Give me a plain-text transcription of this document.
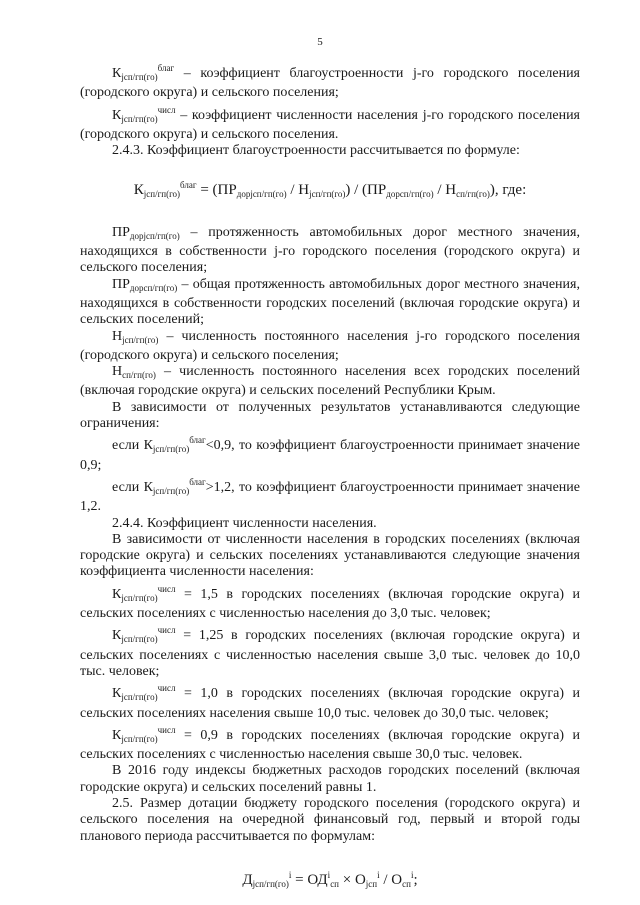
5

$К_{jсп/гп(го)}^{благ}$ – коэффициент благоустроенности j-го городского поселения (городского округа) и сельского поселения;

$К_{jсп/гп(го)}^{числ}$ – коэффициент численности населения j-го городского поселения (городского округа) и сельского поселения.

2.4.3. Коэффициент благоустроенности рассчитывается по формуле:

$К_{jсп/гп(го)}^{благ} = (ПР_{дорjсп/гп(го)} / Н_{jсп/гп(го)}) / (ПР_{дорсп/гп(го)} / Н_{сп/гп(го)})$, где:

$ПР_{дорjсп/гп(го)}$ – протяженность автомобильных дорог местного значения, находящихся в собственности j-го городского поселения (городского округа) и сельского поселения;

$ПР_{дорсп/гп(го)}$ – общая протяженность автомобильных дорог местного значения, находящихся в собственности городских поселений (включая городские округа) и сельских поселений;

$Н_{jсп/гп(го)}$ – численность постоянного населения j-го городского поселения (городского округа) и сельского поселения;

$Н_{сп/гп(го)}$ – численность постоянного населения всех городских поселений (включая городские округа) и сельских поселений Республики Крым.

В зависимости от полученных результатов устанавливаются следующие ограничения:

если $К_{jсп/гп(го)}^{благ}<0,9$, то коэффициент благоустроенности принимает значение 0,9;

если $К_{jсп/гп(го)}^{благ}>1,2$, то коэффициент благоустроенности принимает значение 1,2.

2.4.4. Коэффициент численности населения.

В зависимости от численности населения в городских поселениях (включая городские округа) и сельских поселениях устанавливаются следующие значения коэффициента численности населения:

$К_{jсп/гп(го)}^{числ} = 1,5$ в городских поселениях (включая городские округа) и сельских поселениях с численностью населения до 3,0 тыс. человек;

$К_{jсп/гп(го)}^{числ} = 1,25$ в городских поселениях (включая городские округа) и сельских поселениях с численностью населения свыше 3,0 тыс. человек до 10,0 тыс. человек;

$К_{jсп/гп(го)}^{числ} = 1,0$ в городских поселениях (включая городские округа) и сельских поселениях населения свыше 10,0 тыс. человек до 30,0 тыс. человек;

$К_{jсп/гп(го)}^{числ} = 0,9$ в городских поселениях (включая городские округа) и сельских поселениях с численностью населения свыше 30,0 тыс. человек.

В 2016 году индексы бюджетных расходов городских поселений (включая городские округа) и сельских поселений равны 1.

2.5. Размер дотации бюджету городского поселения (городского округа) и сельского поселения на очередной финансовый год, первый и второй годы планового периода рассчитывается по формулам:

$Д_{jсп/гп(го)}^i = ОД^i_{сп} \times О_{jсп}^i / О_{сп}^i$;
